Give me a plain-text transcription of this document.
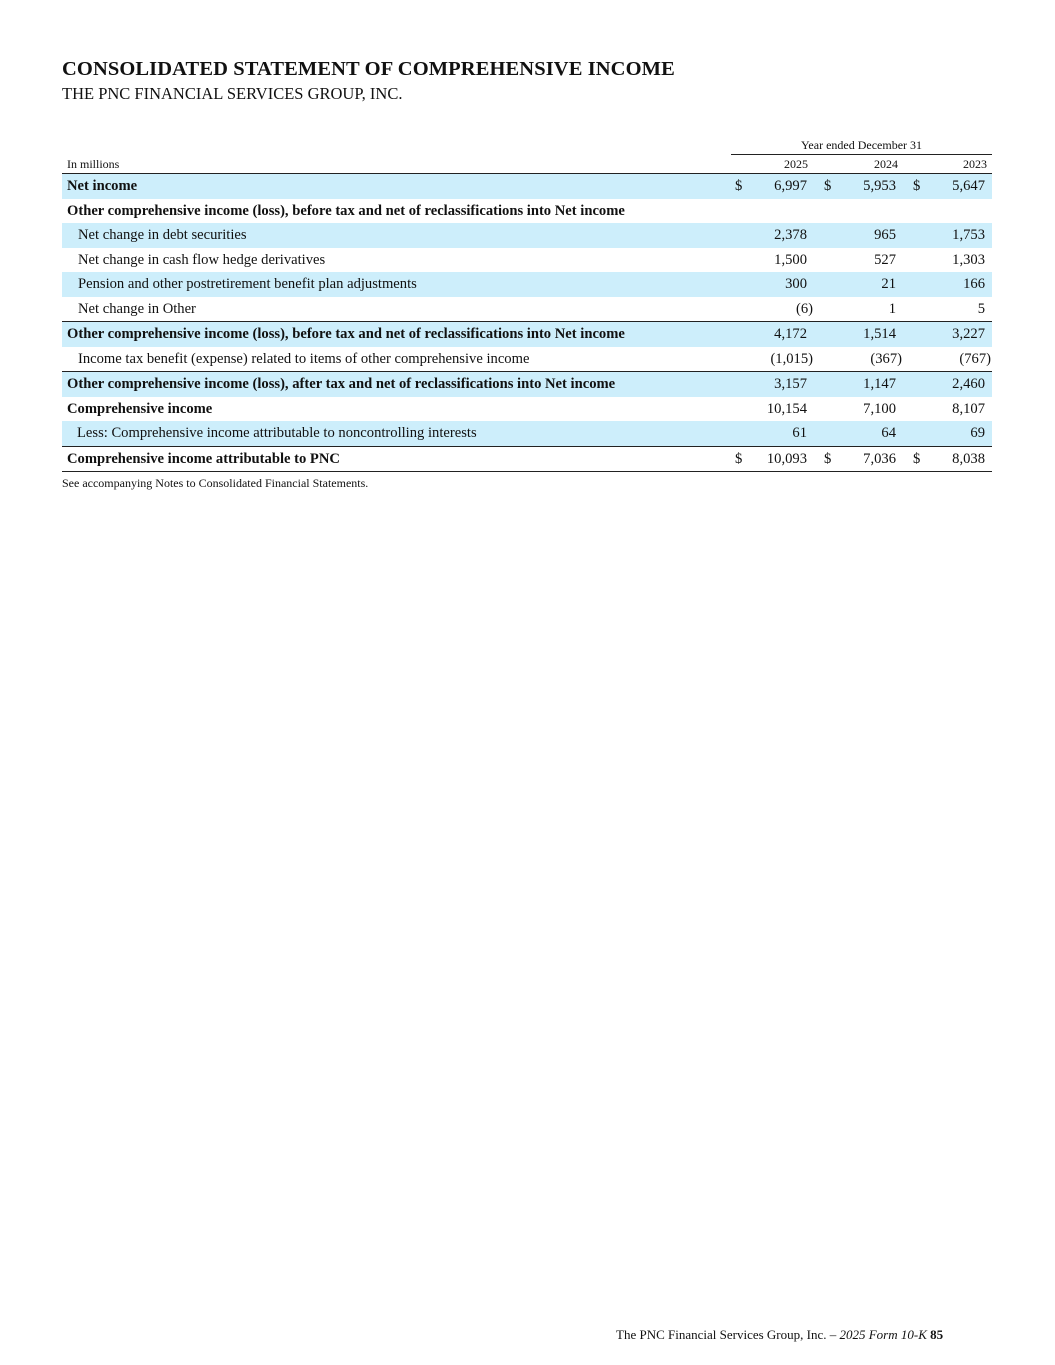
CONSOLIDATED STATEMENT OF COMPREHENSIVE INCOME
THE PNC FINANCIAL SERVICES GROUP, INC.
Year ended December 31
In millions	2025	2024	2023
Net income	$	6,997 $	5,953 $	5,647
Other comprehensive income (loss), before tax and net of reclassifications into Net income
Net change in debt securities	2,378	965	1,753
Net change in cash flow hedge derivatives	1,500	527	1,303
Pension and other postretirement benefit plan adjustments	300	21	166
Net change in Other	(6)	1	5
Other comprehensive income (loss), before tax and net of reclassifications into Net income	4,172	1,514	3,227
Income tax benefit (expense) related to items of other comprehensive income	(1,015)	(367)	(767)
Other comprehensive income (loss), after tax and net of reclassifications into Net income	3,157	1,147	2,460
Comprehensive income	10,154	7,100	8,107
Less: Comprehensive income attributable to noncontrolling interests	61	64	69
Comprehensive income attributable to PNC	$	10,093 $	7,036 $	8,038
See accompanying Notes to Consolidated Financial Statements.
The PNC Financial Services Group, Inc. – 2025 Form 10-K 85
